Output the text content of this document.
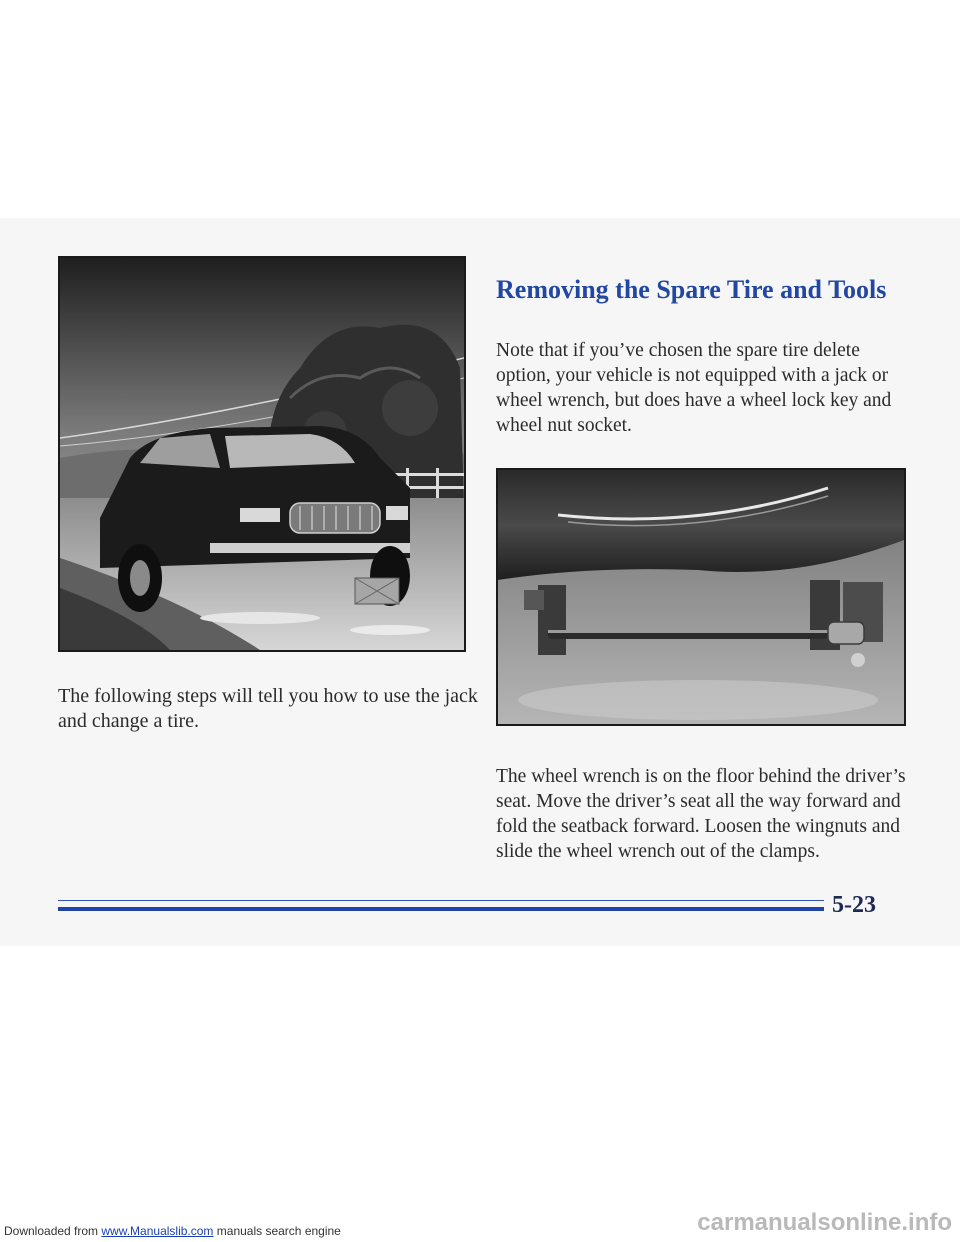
The following steps will tell you how to use the jack and change a tire.

Removing the Spare Tire and Tools

Note that if you’ve chosen the spare tire delete option, your vehicle is not equipped with a jack or wheel wrench, but does have a wheel lock key and wheel nut socket.

The wheel wrench is on the floor behind the driver’s seat. Move the driver’s seat all the way forward and fold the seatback forward. Loosen the wingnuts and slide the wheel wrench out of the clamps.

5-23
Downloaded from www.Manualslib.com manuals search engine	carmanualsonline.info
